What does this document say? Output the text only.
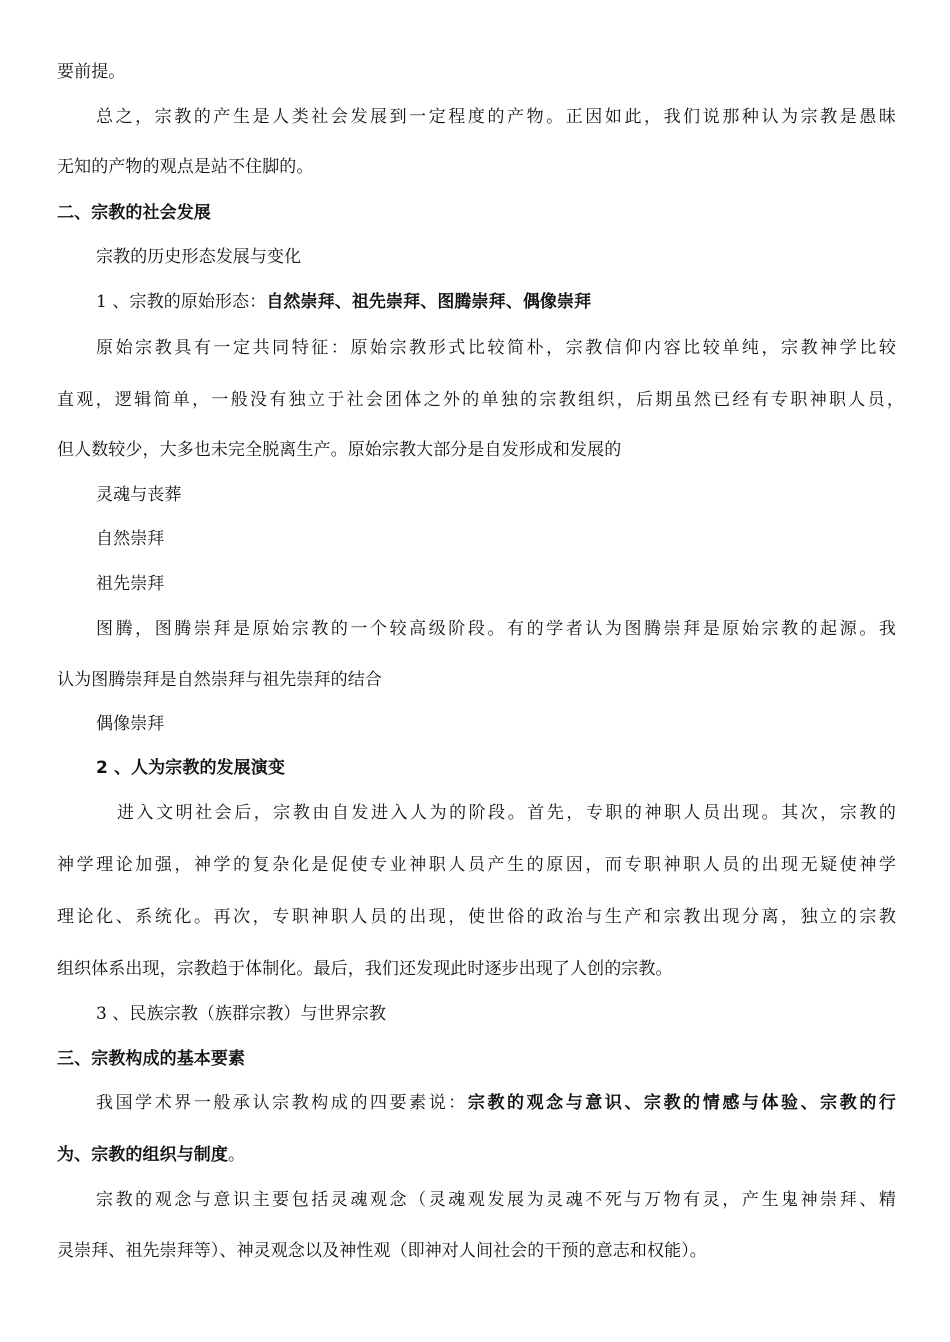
要前提。

总之，宗教的产生是人类社会发展到一定程度的产物。正因如此，我们说那种认为宗教是愚昧

无知的产物的观点是站不住脚的。

二、宗教的社会发展

宗教的历史形态发展与变化

1 、宗教的原始形态：自然崇拜、祖先崇拜、图腾崇拜、偶像崇拜

原始宗教具有一定共同特征：原始宗教形式比较简朴，宗教信仰内容比较单纯，宗教神学比较

直观，逻辑简单，一般没有独立于社会团体之外的单独的宗教组织，后期虽然已经有专职神职人员，

但人数较少，大多也未完全脱离生产。原始宗教大部分是自发形成和发展的

灵魂与丧葬

自然崇拜

祖先崇拜

图腾，图腾崇拜是原始宗教的一个较高级阶段。有的学者认为图腾崇拜是原始宗教的起源。我

认为图腾崇拜是自然崇拜与祖先崇拜的结合

偶像崇拜

2 、人为宗教的发展演变

进入文明社会后，宗教由自发进入人为的阶段。首先，专职的神职人员出现。其次，宗教的

神学理论加强，神学的复杂化是促使专业神职人员产生的原因，而专职神职人员的出现无疑使神学

理论化、系统化。再次，专职神职人员的出现，使世俗的政治与生产和宗教出现分离，独立的宗教

组织体系出现，宗教趋于体制化。最后，我们还发现此时逐步出现了人创的宗教。

3 、民族宗教（族群宗教）与世界宗教

三、宗教构成的基本要素

我国学术界一般承认宗教构成的四要素说：宗教的观念与意识、宗教的情感与体验、宗教的行

为、宗教的组织与制度。

宗教的观念与意识主要包括灵魂观念（灵魂观发展为灵魂不死与万物有灵，产生鬼神崇拜、精

灵崇拜、祖先崇拜等）、神灵观念以及神性观（即神对人间社会的干预的意志和权能）。
